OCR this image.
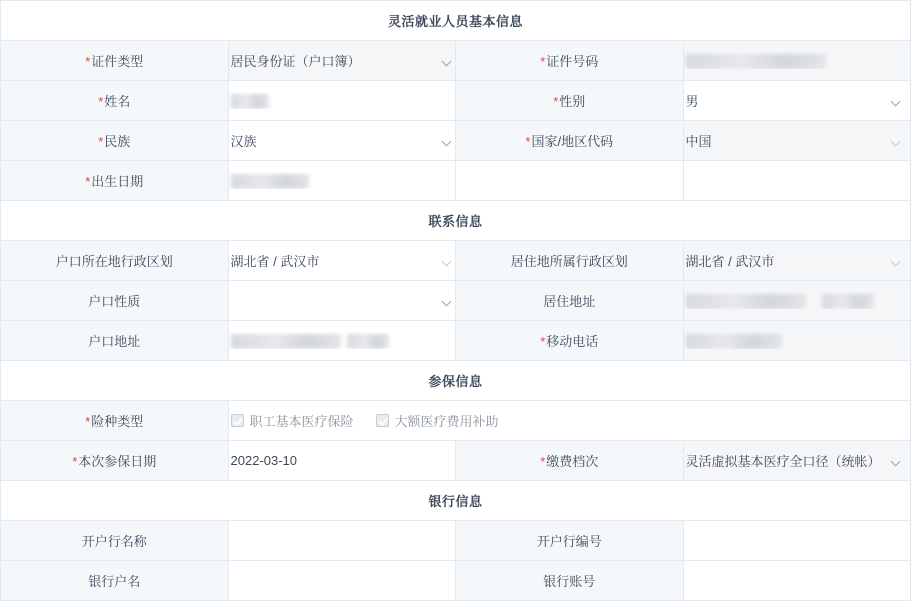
灵活就业人员基本信息			
*证件类型	居民身份证（户口簿）	*证件号码	

*姓名		*性别	男

*民族	汉族	*国家/地区代码	中国

*出生日期	

联系信息			
户口所在地行政区划	湖北省 / 武汉市	居住地所属行政区划	湖北省 / 武汉市

户口性质		居住地址	

户口地址		*移动电话	

参保信息			
*险种类型	职工基本医疗保险 大额医疗费用补助		

*本次参保日期	2022-03-10	*缴费档次	灵活虚拟基本医疗全口径（统帐）

银行信息			
开户行名称		开户行编号	

银行户名		银行账号	
